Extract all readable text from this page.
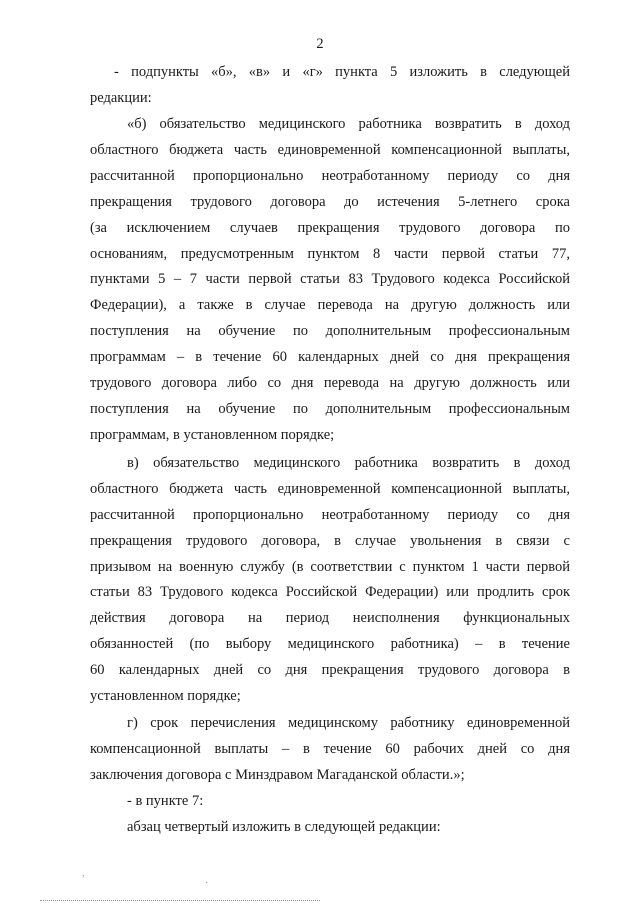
2
- подпункты «б», «в» и «г» пункта 5 изложить в следующей
редакции:
«б) обязательство медицинского работника возвратить в доход
областного бюджета часть единовременной компенсационной выплаты,
рассчитанной пропорционально неотработанному периоду со дня
прекращения трудового договора до истечения 5-летнего срока
(за исключением случаев прекращения трудового договора по
основаниям, предусмотренным пунктом 8 части первой статьи 77,
пунктами 5 – 7 части первой статьи 83 Трудового кодекса Российской
Федерации), а также в случае перевода на другую должность или
поступления на обучение по дополнительным профессиональным
программам – в течение 60 календарных дней со дня прекращения
трудового договора либо со дня перевода на другую должность или
поступления на обучение по дополнительным профессиональным
программам, в установленном порядке;
в) обязательство медицинского работника возвратить в доход
областного бюджета часть единовременной компенсационной выплаты,
рассчитанной пропорционально неотработанному периоду со дня
прекращения трудового договора, в случае увольнения в связи с
призывом на военную службу (в соответствии с пунктом 1 части первой
статьи 83 Трудового кодекса Российской Федерации) или продлить срок
действия договора на период неисполнения функциональных
обязанностей (по выбору медицинского работника) – в течение
60 календарных дней со дня прекращения трудового договора в
установленном порядке;
г) срок перечисления медицинскому работнику единовременной
компенсационной выплаты – в течение 60 рабочих дней со дня
заключения договора с Минздравом Магаданской области.»;
- в пункте 7:
абзац четвертый изложить в следующей редакции:
,
·
